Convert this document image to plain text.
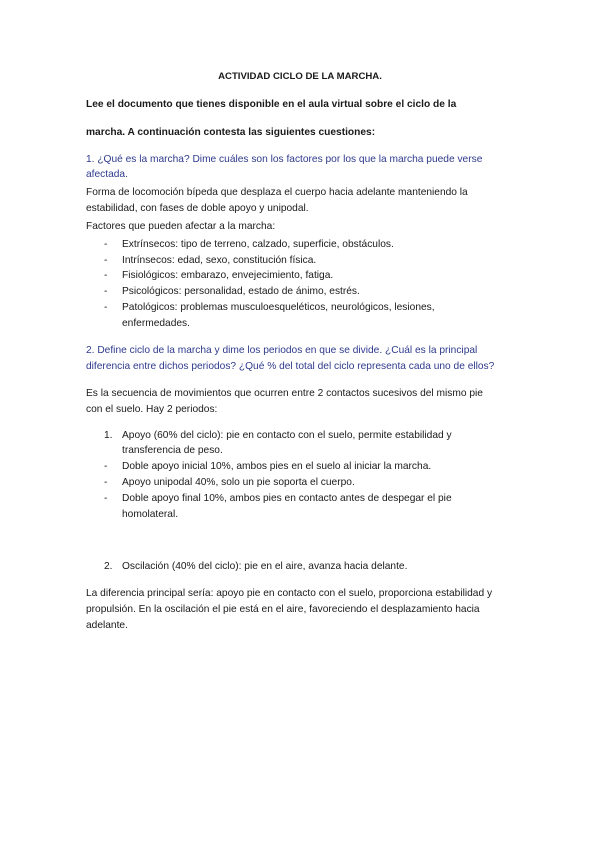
ACTIVIDAD CICLO DE LA MARCHA.
Lee el documento que tienes disponible en el aula virtual sobre el ciclo de la
marcha. A continuación contesta las siguientes cuestiones:
1. ¿Qué es la marcha? Dime cuáles son los factores por los que la marcha puede verse
afectada.
Forma de locomoción bípeda que desplaza el cuerpo hacia adelante manteniendo la
estabilidad, con fases de doble apoyo y unipodal.
Factores que pueden afectar a la marcha:
- Extrínsecos: tipo de terreno, calzado, superficie, obstáculos.
- Intrínsecos: edad, sexo, constitución física.
- Fisiológicos: embarazo, envejecimiento, fatiga.
- Psicológicos: personalidad, estado de ánimo, estrés.
- Patológicos: problemas musculoesqueléticos, neurológicos, lesiones,
enfermedades.
2. Define ciclo de la marcha y dime los periodos en que se divide. ¿Cuál es la principal
diferencia entre dichos periodos? ¿Qué % del total del ciclo representa cada uno de ellos?
Es la secuencia de movimientos que ocurren entre 2 contactos sucesivos del mismo pie
con el suelo. Hay 2 periodos:
1. Apoyo (60% del ciclo): pie en contacto con el suelo, permite estabilidad y
transferencia de peso.
- Doble apoyo inicial 10%, ambos pies en el suelo al iniciar la marcha.
- Apoyo unipodal 40%, solo un pie soporta el cuerpo.
- Doble apoyo final 10%, ambos pies en contacto antes de despegar el pie
homolateral.
2. Oscilación (40% del ciclo): pie en el aire, avanza hacia delante.
La diferencia principal sería: apoyo pie en contacto con el suelo, proporciona estabilidad y
propulsión. En la oscilación el pie está en el aire, favoreciendo el desplazamiento hacia
adelante.
